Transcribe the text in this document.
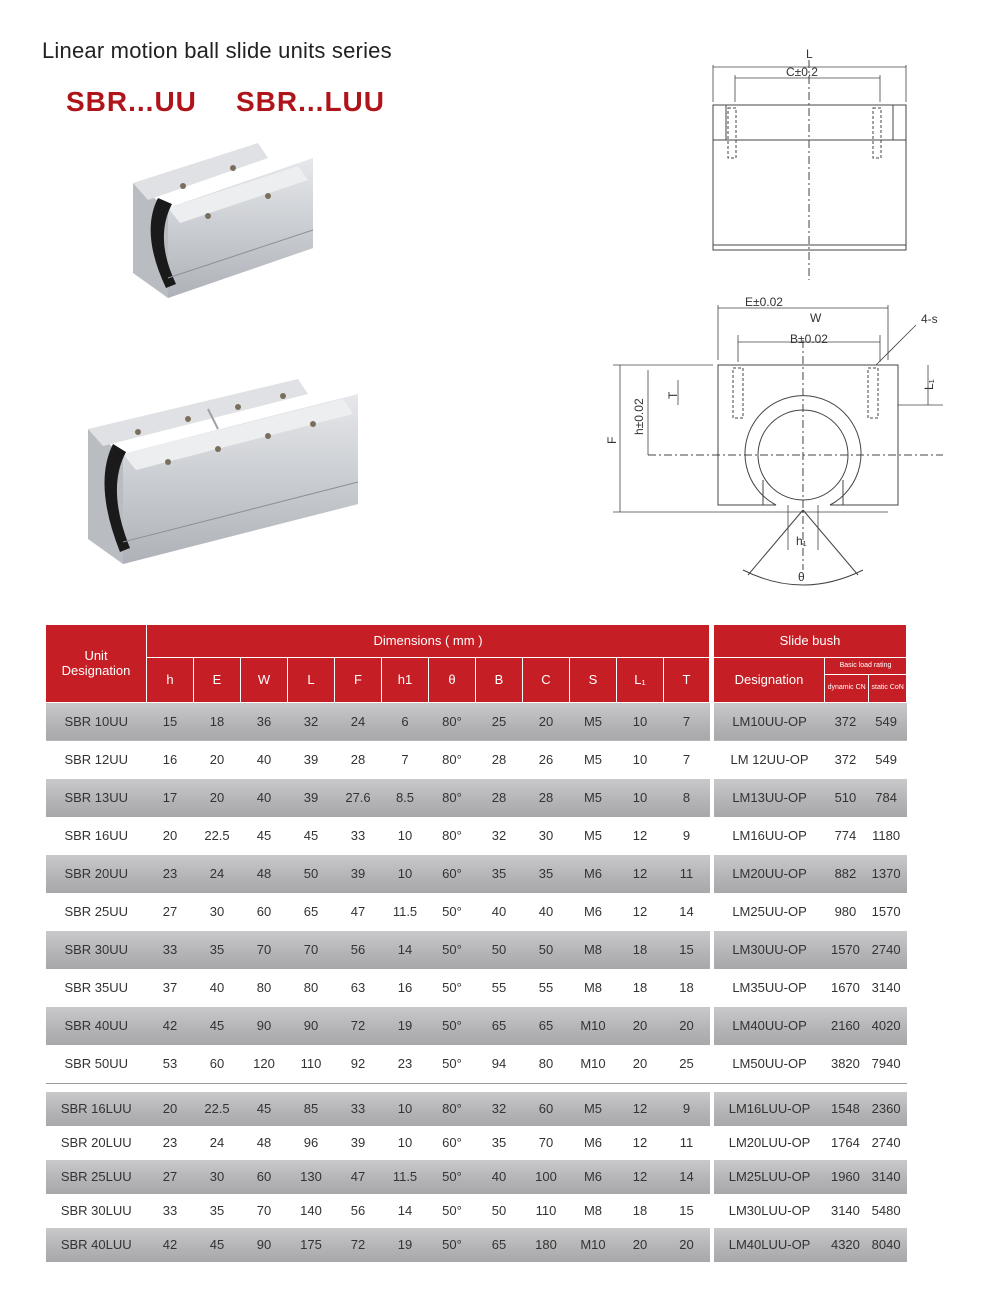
Linear motion ball slide units series
SBR...UU SBR...LUU
L
C±0.2
E±0.02
W
B±0.02
4-s
T
L₁
h±0.02
F
h₁
θ
Unit
Designation	Dimensions ( mm )		Slide bush
h	E	W	L	F	h1	θ	B	C	S	L₁	T		Designation	Basic load rating
dynamic CN	static CoN

SBR 10UU	15	18	36	32	24	6	80°	25	20	M5	10	7		LM10UU-OP	372	549
SBR 12UU	16	20	40	39	28	7	80°	28	26	M5	10	7		LM 12UU-OP	372	549
SBR 13UU	17	20	40	39	27.6	8.5	80°	28	28	M5	10	8		LM13UU-OP	510	784
SBR 16UU	20	22.5	45	45	33	10	80°	32	30	M5	12	9		LM16UU-OP	774	1180
SBR 20UU	23	24	48	50	39	10	60°	35	35	M6	12	11		LM20UU-OP	882	1370
SBR 25UU	27	30	60	65	47	11.5	50°	40	40	M6	12	14		LM25UU-OP	980	1570
SBR 30UU	33	35	70	70	56	14	50°	50	50	M8	18	15		LM30UU-OP	1570	2740
SBR 35UU	37	40	80	80	63	16	50°	55	55	M8	18	18		LM35UU-OP	1670	3140
SBR 40UU	42	45	90	90	72	19	50°	65	65	M10	20	20		LM40UU-OP	2160	4020
SBR 50UU	53	60	120	110	92	23	50°	94	80	M10	20	25		LM50UU-OP	3820	7940

SBR 16LUU	20	22.5	45	85	33	10	80°	32	60	M5	12	9		LM16LUU-OP	1548	2360
SBR 20LUU	23	24	48	96	39	10	60°	35	70	M6	12	11		LM20LUU-OP	1764	2740
SBR 25LUU	27	30	60	130	47	11.5	50°	40	100	M6	12	14		LM25LUU-OP	1960	3140
SBR 30LUU	33	35	70	140	56	14	50°	50	110	M8	18	15		LM30LUU-OP	3140	5480
SBR 40LUU	42	45	90	175	72	19	50°	65	180	M10	20	20		LM40LUU-OP	4320	8040
